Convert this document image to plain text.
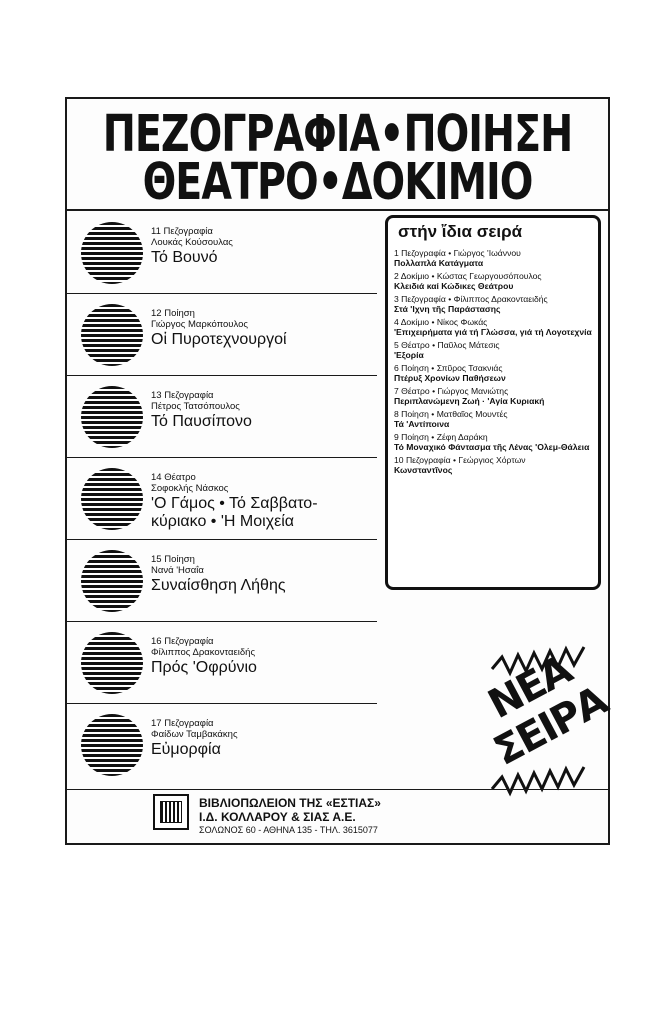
ΠΕΖΟΓΡΑΦΙΑ•ΠΟΙΗΣΗ
ΘΕΑΤΡΟ•ΔΟΚΙΜΙΟ
11 Πεζογραφία
Λουκάς Κούσουλας
Τό Βουνό
12 Ποίηση
Γιώργος Μαρκόπουλος
Οἱ Πυροτεχνουργοί
13 Πεζογραφία
Πέτρος Τατσόπουλος
Τό Παυσίπονο
14 Θέατρο
Σοφοκλής Νάσκος
'Ο Γάμος • Τό Σαββατο-κύριακο • 'Η Μοιχεία
15 Ποίηση
Νανά 'Ησαΐα
Συναίσθηση Λήθης
16 Πεζογραφία
Φίλιππος Δρακονταειδής
Πρός 'Οφρύνιο
17 Πεζογραφία
Φαίδων Ταμβακάκης
Εὐμορφία
στήν ἴδια σειρά
1 Πεζογραφία • Γιώργος 'Ιωάννου
Πολλαπλά Κατάγματα
2 Δοκίμιο • Κώστας Γεωργουσόπουλος
Κλειδιά καί Κώδικες Θεάτρου
3 Πεζογραφία • Φίλιππος Δρακονταειδής
Στά 'Ιχνη τῆς Παράστασης
4 Δοκίμιο • Νίκος Φωκάς
'Επιχειρήματα γιά τή Γλώσσα, γιά τή Λογοτεχνία
5 Θέατρο • Παῦλος Μάτεσις
'Εξορία
6 Ποίηση • Σπῦρος Τσακνιάς
Πτέρυξ Χρονίων Παθήσεων
7 Θέατρο • Γιώργος Μανιώτης
Περιπλανώμενη Ζωή · 'Αγία Κυριακή
8 Ποίηση • Ματθαῖος Μουντές
Τά 'Αντίποινα
9 Ποίηση • Ζέφη Δαράκη
Τό Μοναχικό Φάντασμα τῆς Λένας 'Ολεμ-Θάλεια
10 Πεζογραφία • Γεώργιος Χόρτων
Κωνσταντῖνος
ΝΕΑ ΣΕΙΡΑ
ΒΙΒΛΙΟΠΩΛΕΙΟΝ ΤΗΣ «ΕΣΤΙΑΣ»
Ι.Δ. ΚΟΛΛΑΡΟΥ & ΣΙΑΣ Α.Ε.
ΣΟΛΩΝΟΣ 60 - ΑΘΗΝΑ 135 - ΤΗΛ. 3615077
